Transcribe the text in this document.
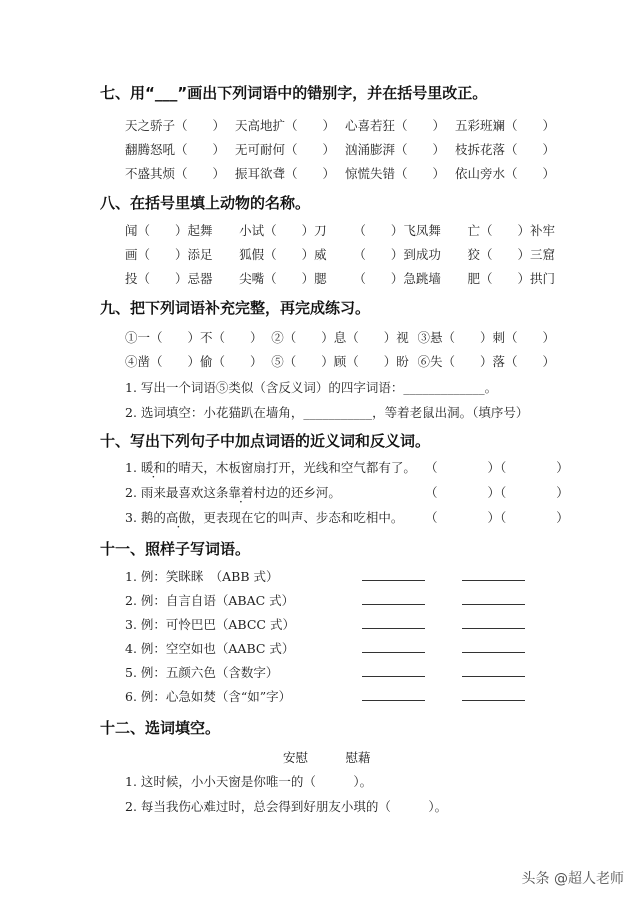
七、用“___”画出下列词语中的错别字，并在括号里改正。
天之骄子（　　） 天高地扩（　　） 心喜若狂（　　） 五彩班斓（　　）
翻腾怒吼（　　） 无可耐何（　　） 汹涌膨湃（　　） 枝拆花落（　　）
不盛其烦（　　） 振耳欲聋（　　） 惊慌失错（　　） 依山旁水（　　）
八、在括号里填上动物的名称。
闻（　　）起舞 小试（　　）刀 （　　）飞凤舞 亡（　　）补牢
画（　　）添足 狐假（　　）威 （　　）到成功 狡（　　）三窟
投（　　）忌器 尖嘴（　　）腮 （　　）急跳墙 肥（　　）拱门
九、把下列词语补充完整，再完成练习。
①一（　　）不（　　） ②（　　）息（　　）视 ③悬（　　）刺（　　）
④凿（　　）偷（　　） ⑤（　　）顾（　　）盼 ⑥失（　　）落（　　）
1. 写出一个词语⑤类似（含反义词）的四字词语：_____________。
2. 选词填空：小花猫趴在墙角，___________，等着老鼠出洞。（填序号）
十、写出下列句子中加点词语的近义词和反义词。
1. 暖和的晴天，木板窗扇打开，光线和空气都有了。 （　　　　）（　　　　）
2. 雨来最喜欢这条靠着村边的还乡河。	（　　　　）（　　　　）
3. 鹅的高傲，更表现在它的叫声、步态和吃相中。 （　　　　）（　　　　）
十一、照样子写词语。
1. 例：笑眯眯　（ABB 式）
2. 例：自言自语（ABAC 式）
3. 例：可怜巴巴（ABCC 式）
4. 例：空空如也（AABC 式）
5. 例：五颜六色（含数字）
6. 例：心急如焚（含“如”字）
十二、选词填空。
安慰　　　慰藉
1. 这时候，小小天窗是你唯一的（　　　）。
2. 每当我伤心难过时，总会得到好朋友小琪的（　　　）。
头条 @超人老师
